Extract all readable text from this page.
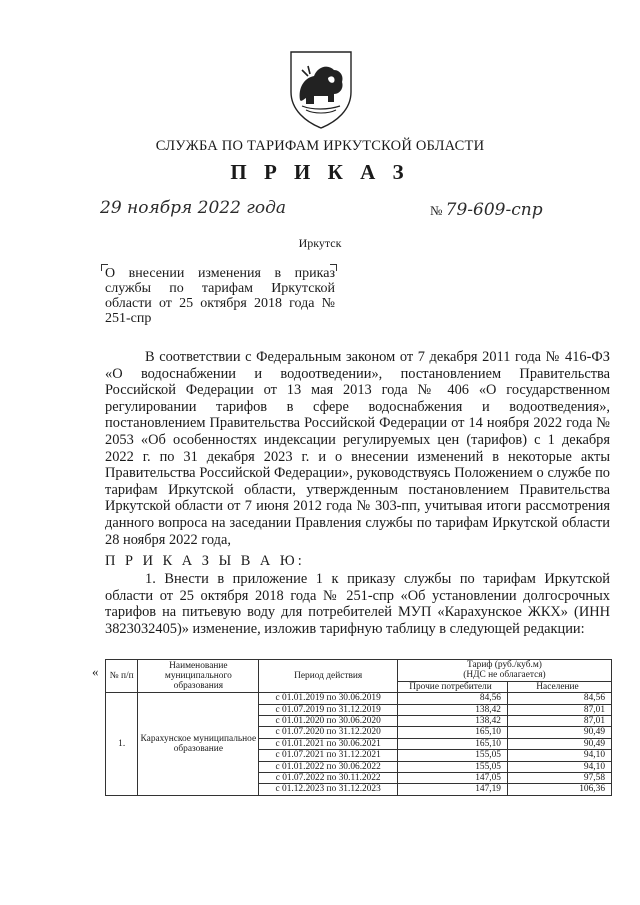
СЛУЖБА ПО ТАРИФАМ ИРКУТСКОЙ ОБЛАСТИ
П Р И К А З
29 ноября 2022 года	№ 79-609-спр
Иркутск
О внесении изменения в приказ службы по тарифам Иркутской области от 25 октября 2018 года № 251-спр
В соответствии с Федеральным законом от 7 декабря 2011 года № 416-ФЗ «О водоснабжении и водоотведении», постановлением Правительства Российской Федерации от 13 мая 2013 года № 406 «О государственном регулировании тарифов в сфере водоснабжения и водоотведения», постановлением Правительства Российской Федерации от 14 ноября 2022 года № 2053 «Об особенностях индексации регулируемых цен (тарифов) с 1 декабря 2022 г. по 31 декабря 2023 г. и о внесении изменений в некоторые акты Правительства Российской Федерации», руководствуясь Положением о службе по тарифам Иркутской области, утвержденным постановлением Правительства Иркутской области от 7 июня 2012 года № 303-пп, учитывая итоги рассмотрения данного вопроса на заседании Правления службы по тарифам Иркутской области 28 ноября 2022 года,
П Р И К А З Ы В А Ю:
1. Внести в приложение 1 к приказу службы по тарифам Иркутской области от 25 октября 2018 года № 251-спр «Об установлении долгосрочных тарифов на питьевую воду для потребителей МУП «Карахунское ЖКХ» (ИНН 3823032405)» изменение, изложив тарифную таблицу в следующей редакции:
« № п/п	Наименование муниципального образования	Период действия	Тариф (руб./куб.м)
(НДС не облагается)	

			Прочие потребители	Население
1.	Карахунское муниципальное образование	с 01.01.2019 по 30.06.2019	84,56	84,56
		с 01.07.2019 по 31.12.2019	138,42	87,01
		с 01.01.2020 по 30.06.2020	138,42	87,01
		с 01.07.2020 по 31.12.2020	165,10	90,49
		с 01.01.2021 по 30.06.2021	165,10	90,49
		с 01.07.2021 по 31.12.2021	155,05	94,10
		с 01.01.2022 по 30.06.2022	155,05	94,10
		с 01.07.2022 по 30.11.2022	147,05	97,58
		с 01.12.2023 по 31.12.2023	147,19	106,36
